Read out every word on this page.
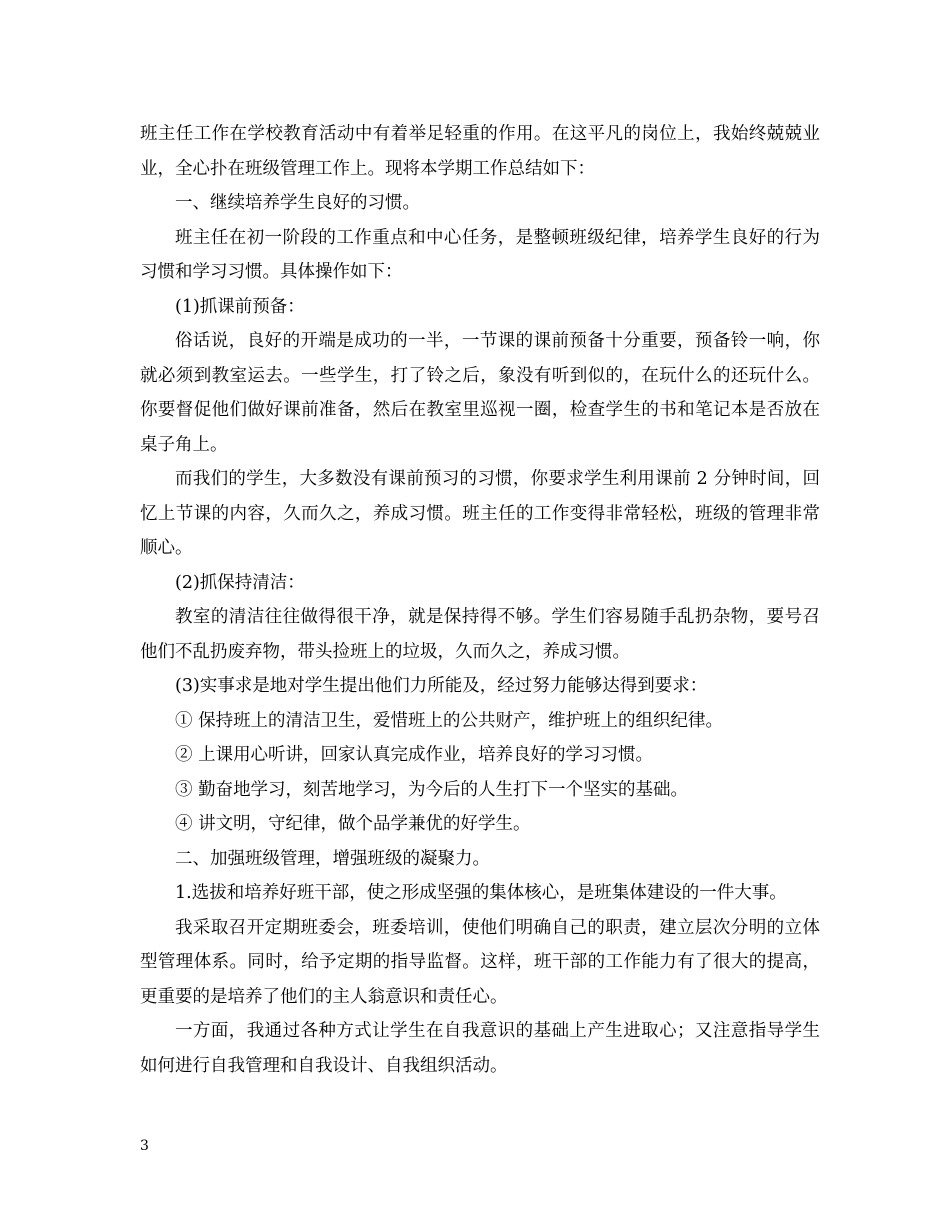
班主任工作在学校教育活动中有着举足轻重的作用。在这平凡的岗位上，我始终兢兢业业，全心扑在班级管理工作上。现将本学期工作总结如下：

一、继续培养学生良好的习惯。

班主任在初一阶段的工作重点和中心任务，是整顿班级纪律，培养学生良好的行为习惯和学习习惯。具体操作如下：

(1)抓课前预备：

俗话说，良好的开端是成功的一半，一节课的课前预备十分重要，预备铃一响，你就必须到教室运去。一些学生，打了铃之后，象没有听到似的，在玩什么的还玩什么。你要督促他们做好课前准备，然后在教室里巡视一圈，检查学生的书和笔记本是否放在桌子角上。

而我们的学生，大多数没有课前预习的习惯，你要求学生利用课前 2 分钟时间，回忆上节课的内容，久而久之，养成习惯。班主任的工作变得非常轻松，班级的管理非常顺心。

(2)抓保持清洁：

教室的清洁往往做得很干净，就是保持得不够。学生们容易随手乱扔杂物，要号召他们不乱扔废弃物，带头捡班上的垃圾，久而久之，养成习惯。

(3)实事求是地对学生提出他们力所能及，经过努力能够达得到要求：

① 保持班上的清洁卫生，爱惜班上的公共财产，维护班上的组织纪律。

② 上课用心听讲，回家认真完成作业，培养良好的学习习惯。

③ 勤奋地学习，刻苦地学习，为今后的人生打下一个坚实的基础。

④ 讲文明，守纪律，做个品学兼优的好学生。

二、加强班级管理，增强班级的凝聚力。

1.选拔和培养好班干部，使之形成坚强的集体核心，是班集体建设的一件大事。

我采取召开定期班委会，班委培训，使他们明确自己的职责，建立层次分明的立体型管理体系。同时，给予定期的指导监督。这样，班干部的工作能力有了很大的提高，更重要的是培养了他们的主人翁意识和责任心。

一方面，我通过各种方式让学生在自我意识的基础上产生进取心；又注意指导学生如何进行自我管理和自我设计、自我组织活动。

3
